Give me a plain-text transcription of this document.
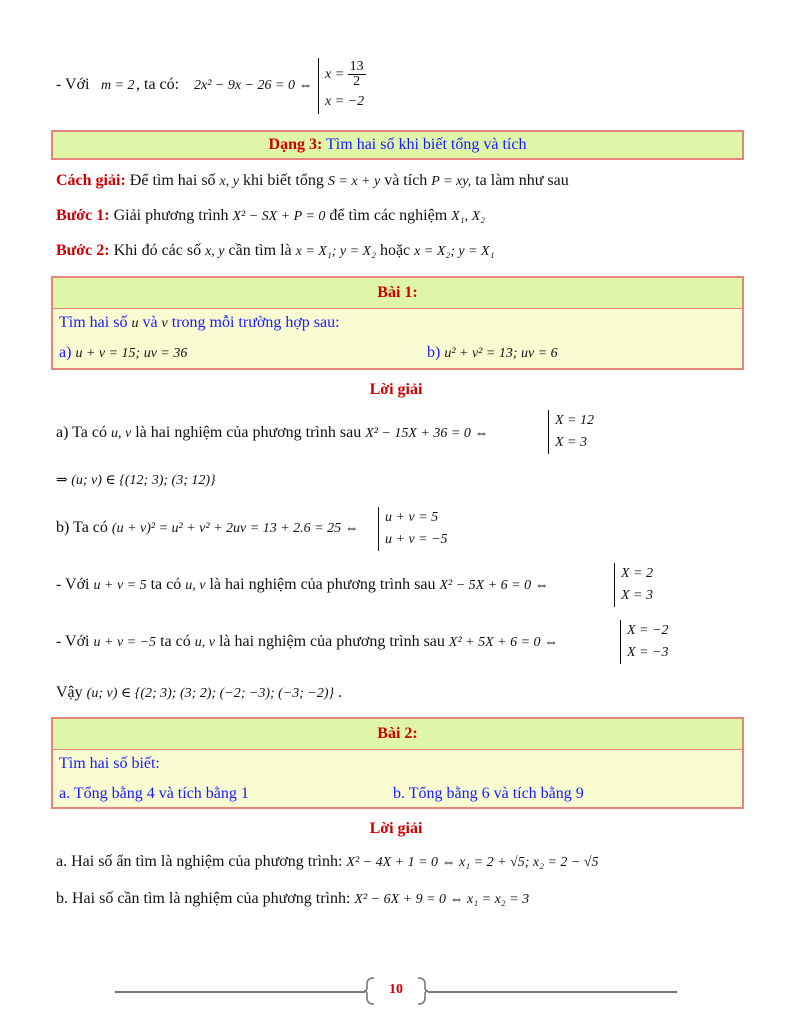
- Với m = 2 , ta có: 2x² − 9x − 26 = 0 ⇔
$x = \frac{13}{2}$
x = −2
Dạng 3: Tìm hai số khi biết tổng và tích
Cách giải: Để tìm hai số x, y khi biết tổng S = x + y và tích P = xy, ta làm như sau
Bước 1: Giải phương trình X² − SX + P = 0 để tìm các nghiệm X₁, X₂
Bước 2: Khi đó các số x, y cần tìm là x = X₁; y = X₂ hoặc x = X₂; y = X₁
Bài 1:
Tìm hai số u và v trong mỗi trường hợp sau:
a) u + v = 15; uv = 36	b) u² + v² = 13; uv = 6
Lời giải
a) Ta có u, v là hai nghiệm của phương trình sau X² − 15X + 36 = 0 ⇔
X = 12
X = 3
⇒ (u; v) ∈ {(12; 3); (3; 12)}
b) Ta có (u + v)² = u² + v² + 2uv = 13 + 2.6 = 25 ⇔
u + v = 5
u + v = −5
- Với u + v = 5 ta có u, v là hai nghiệm của phương trình sau X² − 5X + 6 = 0 ⇔
X = 2
X = 3
- Với u + v = −5 ta có u, v là hai nghiệm của phương trình sau X² + 5X + 6 = 0 ⇔
X = −2
X = −3
Vậy (u; v) ∈ {(2; 3); (3; 2); (−2; −3); (−3; −2)} .
Bài 2:
Tìm hai số biết:
a. Tổng bằng 4 và tích bằng 1	b. Tổng bằng 6 và tích bằng 9
Lời giải
a. Hai số ẩn tìm là nghiệm của phương trình: X² − 4X + 1 = 0 ⇔ x₁ = 2 + √5; x₂ = 2 − √5
b. Hai số cần tìm là nghiệm của phương trình: X² − 6X + 9 = 0 ⇔ x₁ = x₂ = 3
10
